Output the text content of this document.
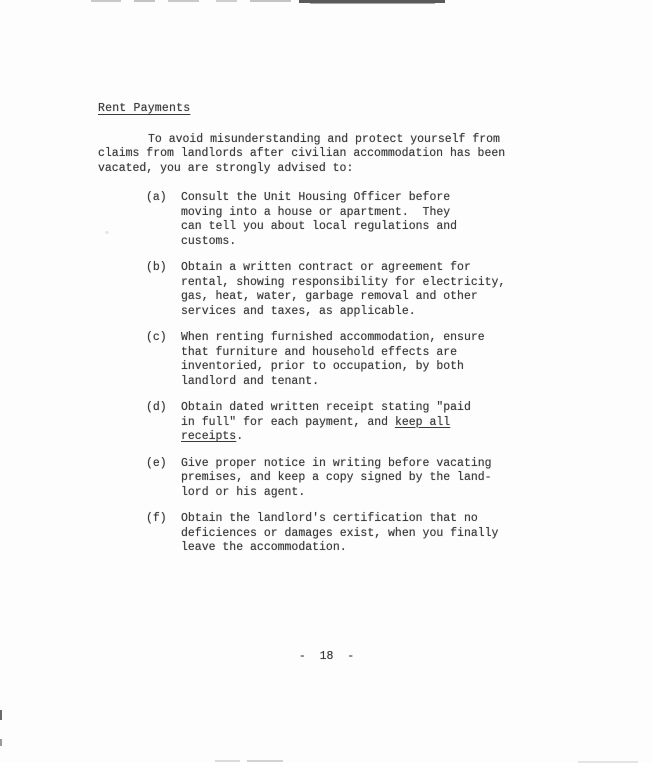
Rent Payments
To avoid misunderstanding and protect yourself from
claims from landlords after civilian accommodation has been
vacated, you are strongly advised to:
(a) Consult the Unit Housing Officer before
moving into a house or apartment.  They
can tell you about local regulations and
customs.
(b) Obtain a written contract or agreement for
rental, showing responsibility for electricity,
gas, heat, water, garbage removal and other
services and taxes, as applicable.
(c) When renting furnished accommodation, ensure
that furniture and household effects are
inventoried, prior to occupation, by both
landlord and tenant.
(d) Obtain dated written receipt stating "paid
in full" for each payment, and keep all
receipts.
(e) Give proper notice in writing before vacating
premises, and keep a copy signed by the land-
lord or his agent.
(f) Obtain the landlord's certification that no
deficiences or damages exist, when you finally
leave the accommodation.
-  18  -
